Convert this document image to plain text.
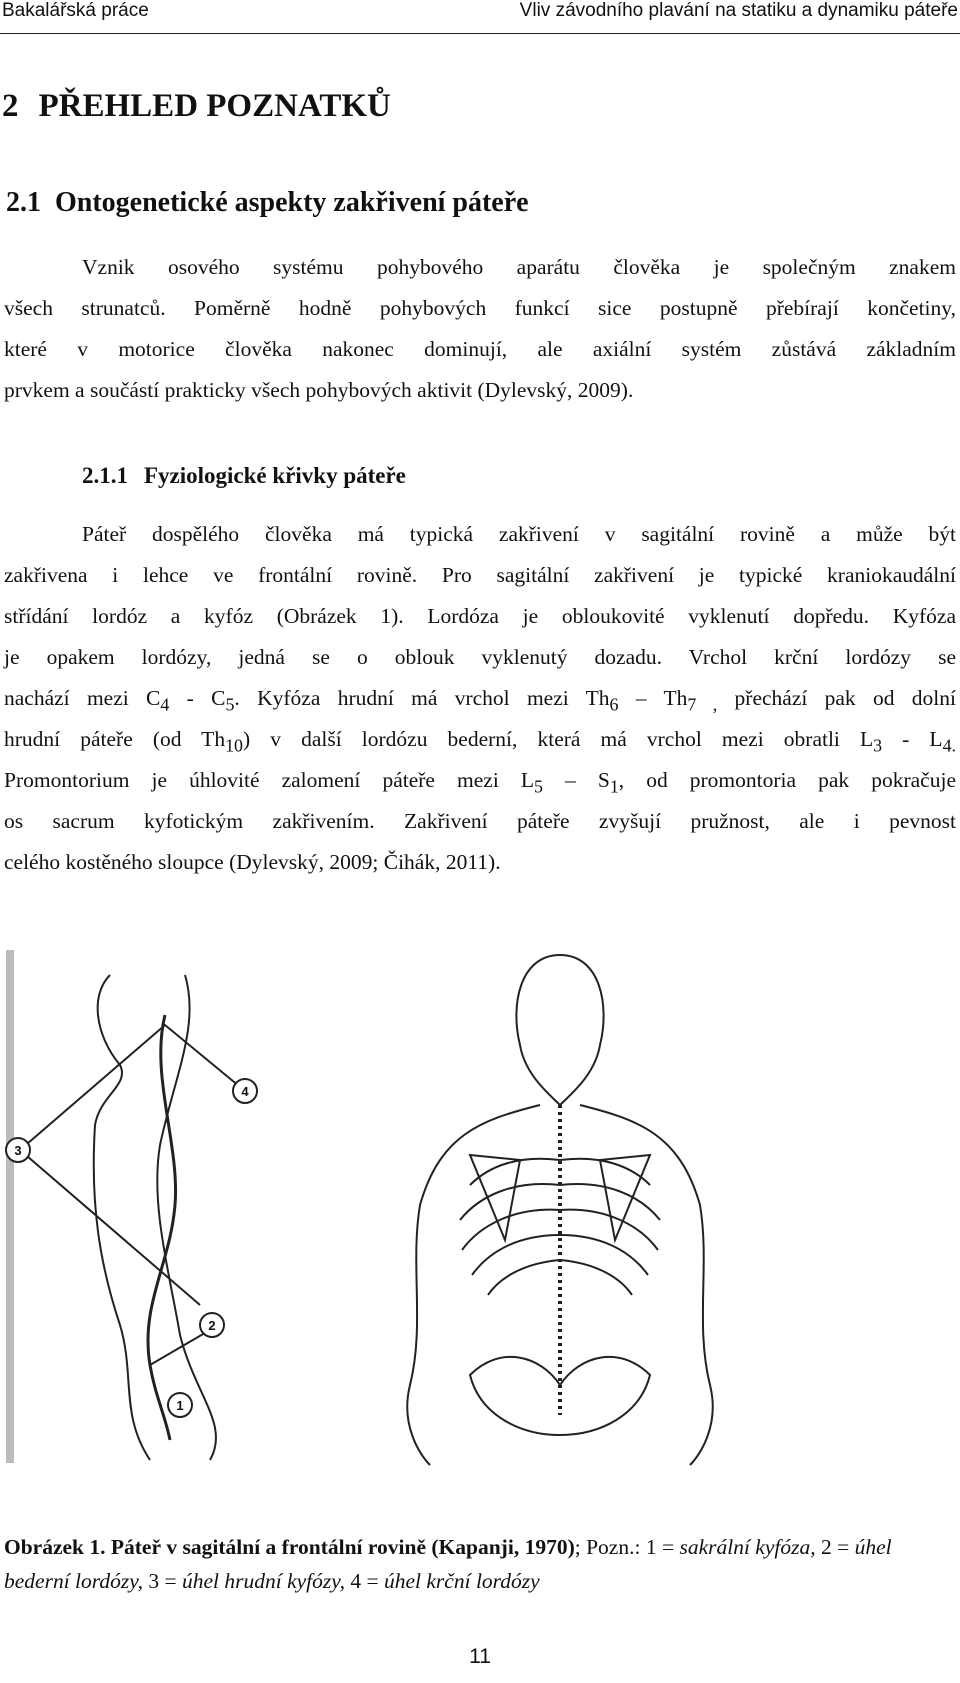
Bakalářská práce	Vliv závodního plavání na statiku a dynamiku páteře
2 PŘEHLED POZNATKŮ
2.1 Ontogenetické aspekty zakřivení páteře
Vznik osového systému pohybového aparátu člověka je společným znakem
všech strunatců. Poměrně hodně pohybových funkcí sice postupně přebírají končetiny,
které v motorice člověka nakonec dominují, ale axiální systém zůstává základním
prvkem a součástí prakticky všech pohybových aktivit (Dylevský, 2009).
2.1.1 Fyziologické křivky páteře
Páteř dospělého člověka má typická zakřivení v sagitální rovině a může být
zakřivena i lehce ve frontální rovině. Pro sagitální zakřivení je typické kraniokaudální
střídání lordóz a kyfóz (Obrázek 1). Lordóza je obloukovité vyklenutí dopředu. Kyfóza
je opakem lordózy, jedná se o oblouk vyklenutý dozadu. Vrchol krční lordózy se
nachází mezi $C_4 - C_5$. Kyfóza hrudní má vrchol mezi $Th_6 - Th_{7 ,}$ přechází pak od dolní
hrudní páteře (od $Th_{10}$) v další lordózu bederní, která má vrchol mezi obratli $L_3 - L_{4.}$
Promontorium je úhlovité zalomení páteře mezi $L_5 - S_1$, od promontoria pak pokračuje
os sacrum kyfotickým zakřivením. Zakřivení páteře zvyšují pružnost, ale i pevnost
celého kostěného sloupce (Dylevský, 2009; Čihák, 2011).
4
3
2
1
Obrázek 1. Páteř v sagitální a frontální rovině (Kapanji, 1970); Pozn.: 1 = sakrální kyfóza, 2 = úhel bederní lordózy, 3 = úhel hrudní kyfózy, 4 = úhel krční lordózy
11
